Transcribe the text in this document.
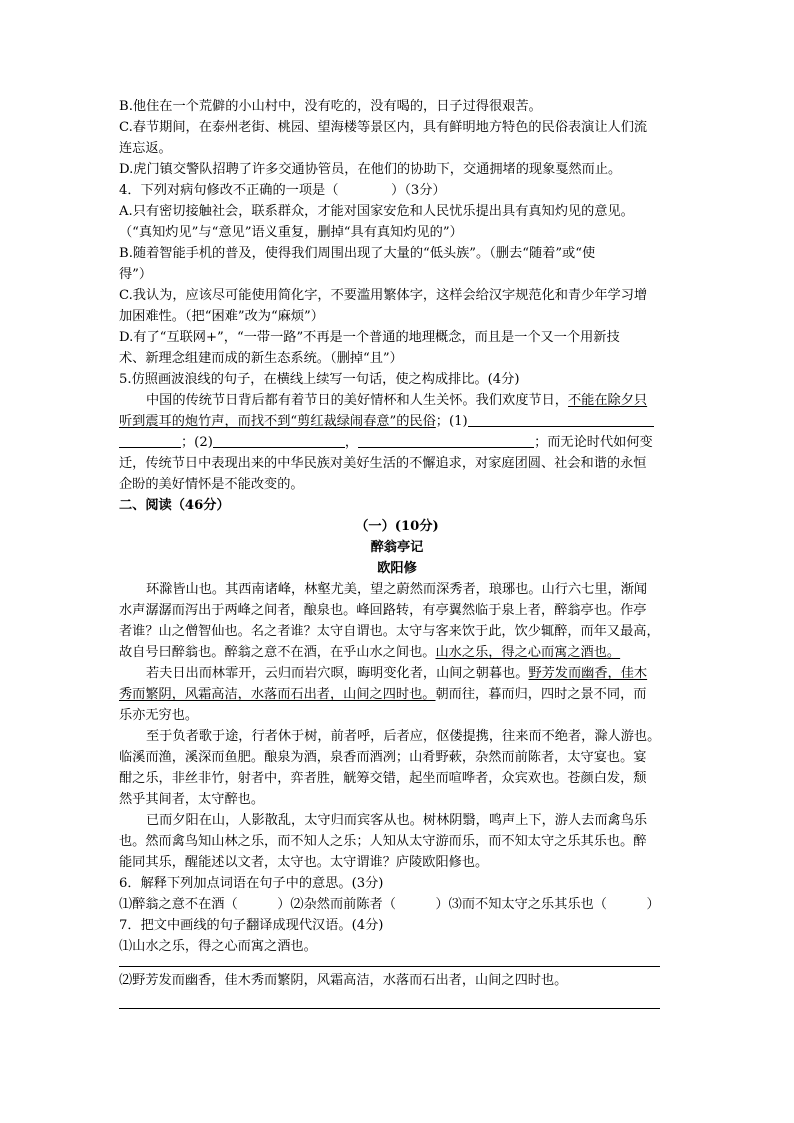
B.他住在一个荒僻的小山村中，没有吃的，没有喝的，日子过得很艰苦。
C.春节期间，在泰州老街、桃园、望海楼等景区内，具有鲜明地方特色的民俗表演让人们流
连忘返。
D.虎门镇交警队招聘了许多交通协管员，在他们的协助下，交通拥堵的现象戛然而止。
4．下列对病句修改不正确的一项是（　　　　）（3分）
A.只有密切接触社会，联系群众，才能对国家安危和人民忧乐提出具有真知灼见的意见。
（“真知灼见”与“意见”语义重复，删掉“具有真知灼见的”）
B.随着智能手机的普及，使得我们周围出现了大量的“低头族”。（删去“随着”或“使
得”）
C.我认为，应该尽可能使用简化字，不要滥用繁体字，这样会给汉字规范化和青少年学习增
加困难性。（把“困难”改为“麻烦”）
D.有了“互联网+”，“一带一路”不再是一个普通的地理概念，而且是一个又一个用新技
术、新理念组建而成的新生态系统。（删掉“且”）
5.仿照画波浪线的句子，在横线上续写一句话，使之构成排比。(4分)
中国的传统节日背后都有着节日的美好情杯和人生关怀。我们欢度节日，不能在除夕只
听到震耳的炮竹声，而找不到“剪红裁绿闹春意”的民俗；(1)
；(2)	，	；而无论时代如何变
迁，传统节日中表现出来的中华民族对美好生活的不懈追求，对家庭团圆、社会和谐的永恒
企盼的美好情怀是不能改变的。
二、阅读（46分）
（一）(10分)
醉翁亭记
欧阳修
环滁皆山也。其西南诸峰，林壑尤美，望之蔚然而深秀者，琅琊也。山行六七里，渐闻
水声潺潺而泻出于两峰之间者，酿泉也。峰回路转，有亭翼然临于泉上者，醉翁亭也。作亭
者谁？山之僧智仙也。名之者谁？太守自谓也。太守与客来饮于此，饮少辄醉，而年又最高，
故自号曰醉翁也。醉翁之意不在酒，在乎山水之间也。山水之乐，得之心而寓之酒也。
若夫日出而林霏开，云归而岩穴暝，晦明变化者，山间之朝暮也。野芳发而幽香，佳木
秀而繁阴，风霜高洁，水落而石出者，山间之四时也。朝而往，暮而归，四时之景不同，而
乐亦无穷也。
至于负者歌于途，行者休于树，前者呼，后者应，伛偻提携，往来而不绝者，滁人游也。
临溪而渔，溪深而鱼肥。酿泉为酒，泉香而酒冽；山肴野蔌，杂然而前陈者，太守宴也。宴
酣之乐，非丝非竹，射者中，弈者胜，觥筹交错，起坐而喧哗者，众宾欢也。苍颜白发，颓
然乎其间者，太守醉也。
已而夕阳在山，人影散乱，太守归而宾客从也。树林阴翳，鸣声上下，游人去而禽鸟乐
也。然而禽鸟知山林之乐，而不知人之乐；人知从太守游而乐，而不知太守之乐其乐也。醉
能同其乐，醒能述以文者，太守也。太守谓谁？庐陵欧阳修也。
6．解释下列加点词语在句子中的意思。(3分)
⑴醉翁之意不在酒（　　　）⑵杂然而前陈者（　　　）⑶而不知太守之乐其乐也（　　　）
7．把文中画线的句子翻译成现代汉语。(4分)
⑴山水之乐，得之心而寓之酒也。
⑵野芳发而幽香，佳木秀而繁阴，风霜高洁，水落而石出者，山间之四时也。
